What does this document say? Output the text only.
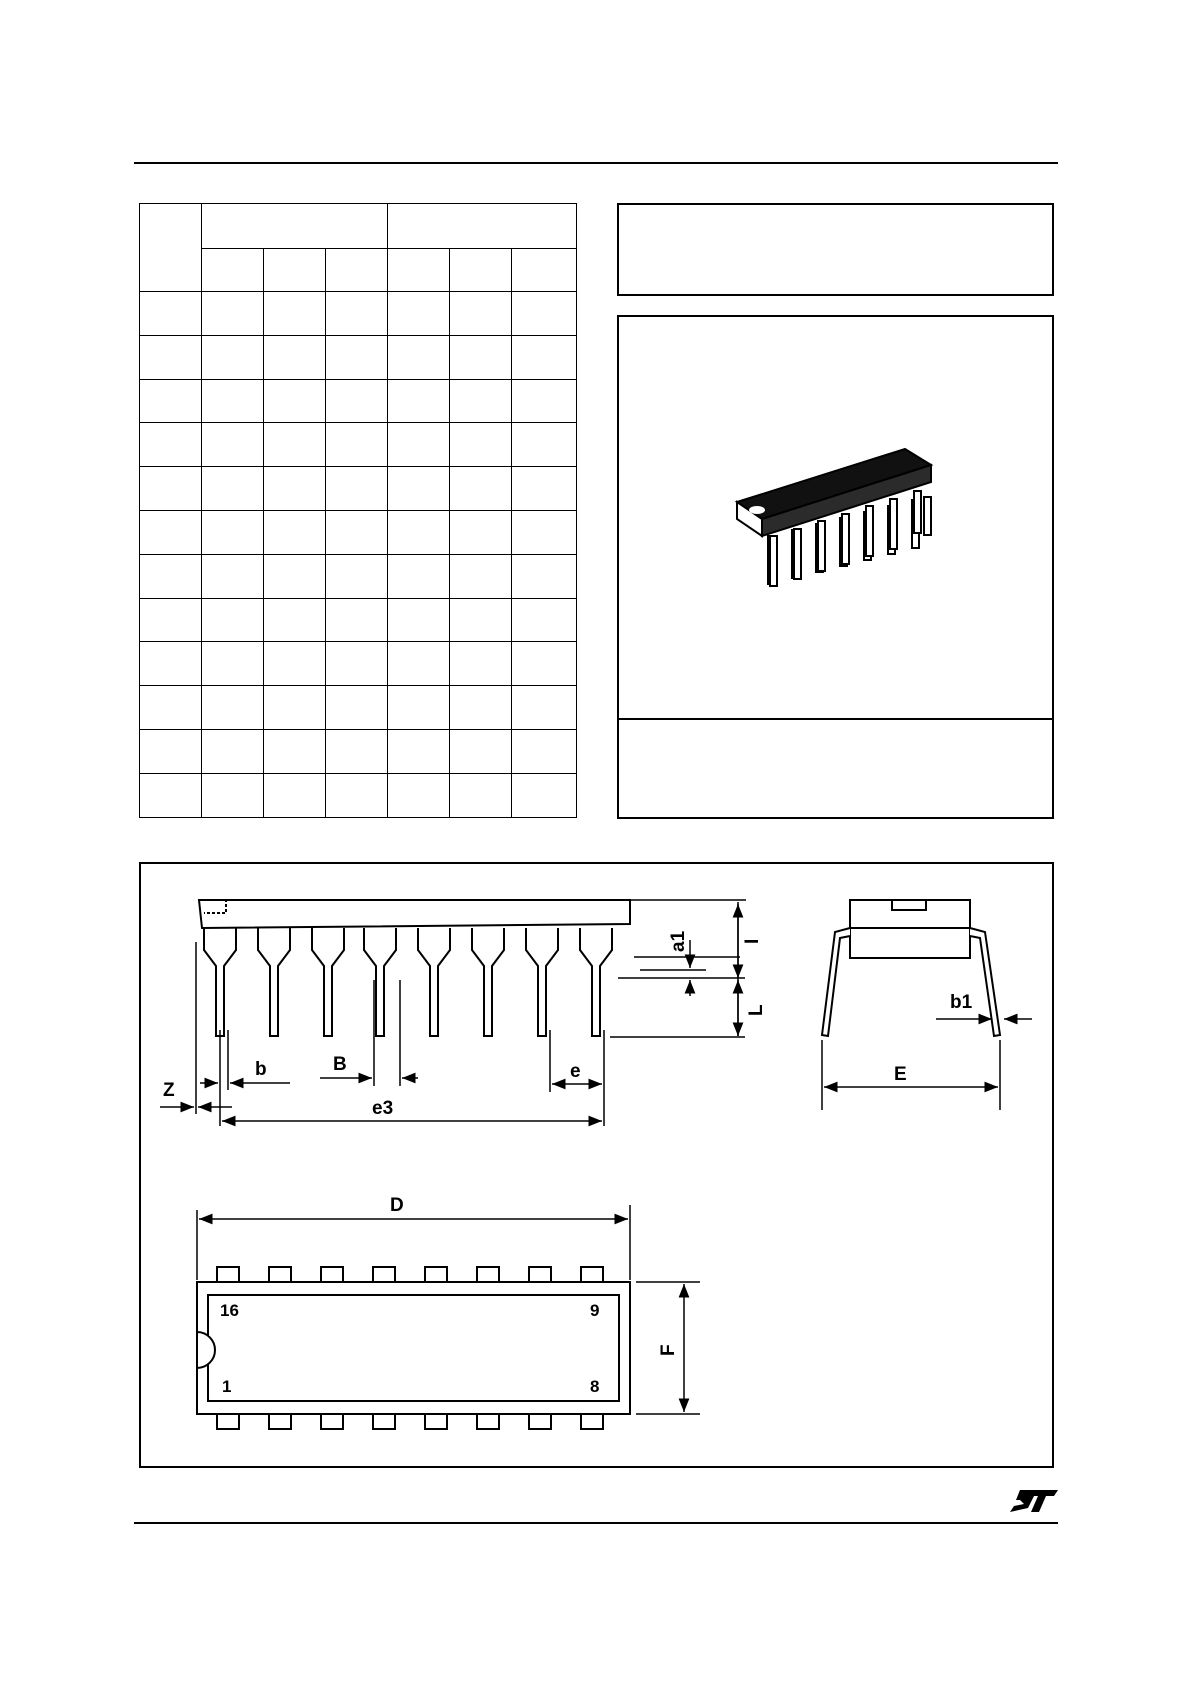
I
a1
L
Z
b	B	e
e3
b1
E
D
F
16	9
1	8
